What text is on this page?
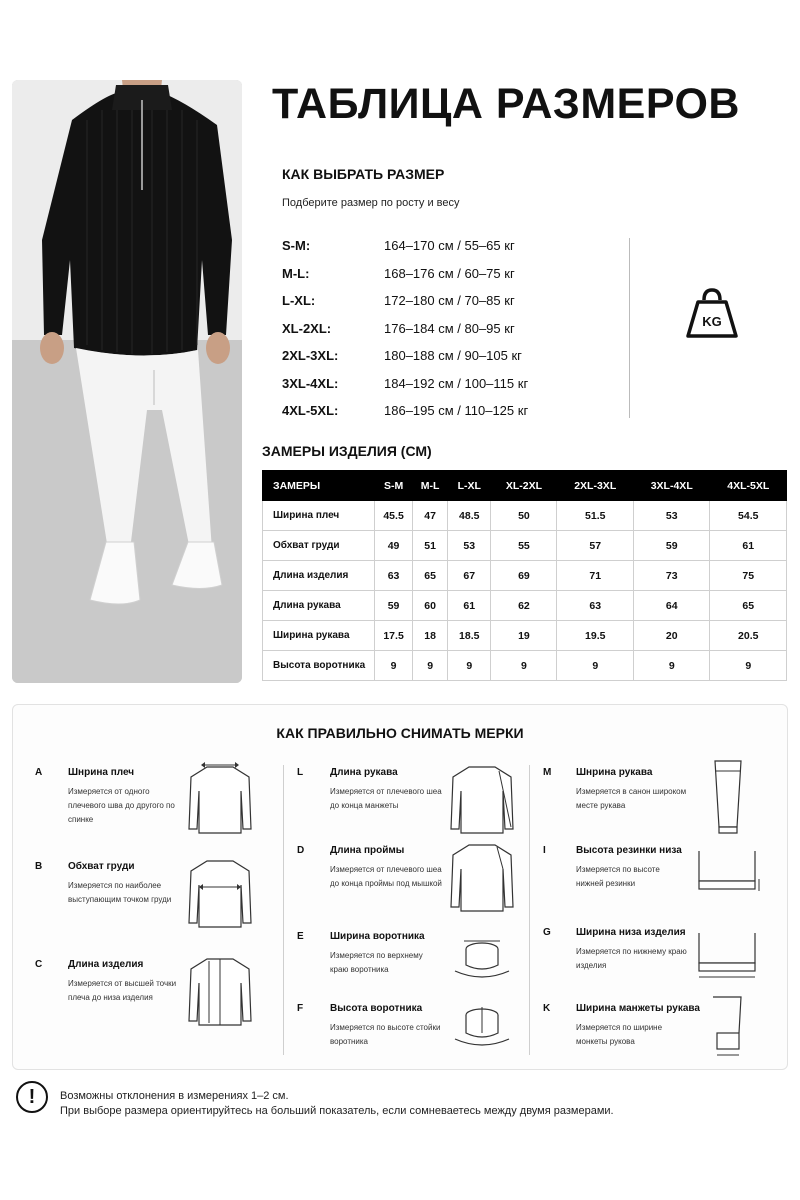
ТАБЛИЦА РАЗМЕРОВ
КАК ВЫБРАТЬ РАЗМЕР
Подберите размер по росту и весу
S-M:	164–170 см / 55–65 кг
M-L:	168–176 см / 60–75 кг
L-XL:	172–180 см / 70–85 кг
XL-2XL:	176–184 см / 80–95 кг
2XL-3XL:	180–188 см / 90–105 кг
3XL-4XL:	184–192 см / 100–115 кг
4XL-5XL:	186–195 см / 110–125 кг
KG
ЗАМЕРЫ ИЗДЕЛИЯ (СМ)
ЗАМЕРЫ	S-M	M-L	L-XL	XL-2XL	2XL-3XL	3XL-4XL	4XL-5XL
Ширина плеч	45.5	47	48.5	50	51.5	53	54.5
Обхват груди	49	51	53	55	57	59	61
Длина изделия	63	65	67	69	71	73	75
Длина рукава	59	60	61	62	63	64	65
Ширина рукава	17.5	18	18.5	19	19.5	20	20.5
Высота воротника	9	9	9	9	9	9	9
КАК ПРАВИЛЬНО СНИМАТЬ МЕРКИ
A	Шнрина плеч
Измеряется от одного плечевого шва до другого по спинке
B	Обхват груди
Измеряется по наиболее выступающим точком груди
C	Длина изделия
Измеряется от высшей точки плеча до низа изделия
L	Длина рукава
Измеряется от плечевого шеа до конца манжеты
D	Длина проймы
Измеряется от плечевого шеа до конца проймы под мышкой
E	Ширина воротника
Измеряется по верхнему краю воротника
F	Высота воротника
Измеряется по высоте стойки воротника
M Шнрина рукава
Измеряется в санон широком месте рукава
I	Высота резинки низа
Измеряется по высоте нижней резинки
G	Ширина низа изделия
Измеряется по нижнему краю изделия
K	Ширина манжеты рукава
Измеряется по ширине монкеты рукова
!	Возможны отклонения в измерениях 1–2 см.
При выборе размера ориентируйтесь на больший показатель, если сомневаетесь между двумя размерами.
